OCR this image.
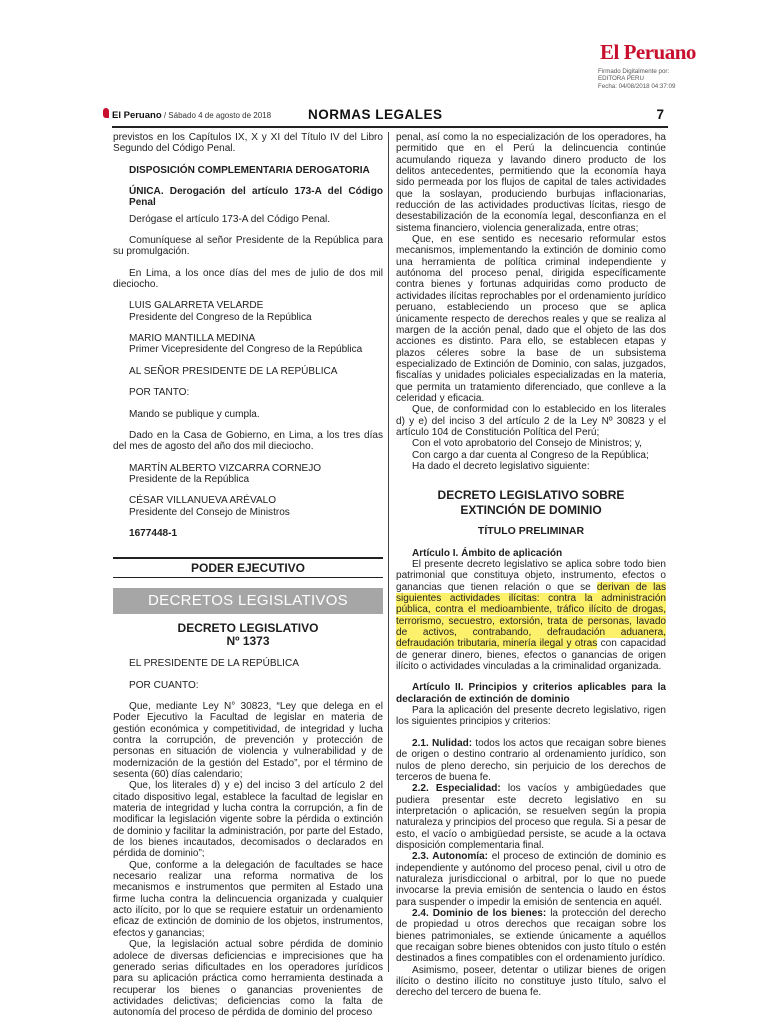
El Peruano
Firmado Digitalmente por:
EDITORA PERU
Fecha: 04/08/2018 04:37:09
El Peruano / Sábado 4 de agosto de 2018	NORMAS LEGALES	7

previstos en los Capítulos IX, X y XI del Título IV del Libro Segundo del Código Penal.

DISPOSICIÓN COMPLEMENTARIA DEROGATORIA

ÚNICA. Derogación del artículo 173-A del Código Penal

Derógase el artículo 173-A del Código Penal.

Comuníquese al señor Presidente de la República para su promulgación.

En Lima, a los once días del mes de julio de dos mil dieciocho.

LUIS GALARRETA VELARDE

Presidente del Congreso de la República

MARIO MANTILLA MEDINA

Primer Vicepresidente del Congreso de la República

AL SEÑOR PRESIDENTE DE LA REPÚBLICA

POR TANTO:

Mando se publique y cumpla.

Dado en la Casa de Gobierno, en Lima, a los tres días del mes de agosto del año dos mil dieciocho.

MARTÍN ALBERTO VIZCARRA CORNEJO

Presidente de la República

CÉSAR VILLANUEVA ARÉVALO

Presidente del Consejo de Ministros

1677448-1

PODER EJECUTIVO
DECRETOS LEGISLATIVOS

DECRETO LEGISLATIVO

Nº 1373

EL PRESIDENTE DE LA REPÚBLICA

POR CUANTO:

Que, mediante Ley N° 30823, “Ley que delega en el Poder Ejecutivo la Facultad de legislar en materia de gestión económica y competitividad, de integridad y lucha contra la corrupción, de prevención y protección de personas en situación de violencia y vulnerabilidad y de modernización de la gestión del Estado”, por el término de sesenta (60) días calendario;

Que, los literales d) y e) del inciso 3 del artículo 2 del citado dispositivo legal, establece la facultad de legislar en materia de integridad y lucha contra la corrupción, a fin de modificar la legislación vigente sobre la pérdida o extinción de dominio y facilitar la administración, por parte del Estado, de los bienes incautados, decomisados o declarados en pérdida de dominio”;

Que, conforme a la delegación de facultades se hace necesario realizar una reforma normativa de los mecanismos e instrumentos que permiten al Estado una firme lucha contra la delincuencia organizada y cualquier acto ilícito, por lo que se requiere estatuir un ordenamiento eficaz de extinción de dominio de los objetos, instrumentos, efectos y ganancias;

Que, la legislación actual sobre pérdida de dominio adolece de diversas deficiencias e imprecisiones que ha generado serias dificultades en los operadores jurídicos para su aplicación práctica como herramienta destinada a recuperar los bienes o ganancias provenientes de actividades delictivas; deficiencias como la falta de autonomía del proceso de pérdida de dominio del proceso

penal, así como la no especialización de los operadores, ha permitido que en el Perú la delincuencia continúe acumulando riqueza y lavando dinero producto de los delitos antecedentes, permitiendo que la economía haya sido permeada por los flujos de capital de tales actividades que la soslayan, produciendo burbujas inflacionarias, reducción de las actividades productivas lícitas, riesgo de desestabilización de la economía legal, desconfianza en el sistema financiero, violencia generalizada, entre otras;

Que, en ese sentido es necesario reformular estos mecanismos, implementando la extinción de dominio como una herramienta de política criminal independiente y autónoma del proceso penal, dirigida específicamente contra bienes y fortunas adquiridas como producto de actividades ilícitas reprochables por el ordenamiento jurídico peruano, estableciendo un proceso que se aplica únicamente respecto de derechos reales y que se realiza al margen de la acción penal, dado que el objeto de las dos acciones es distinto. Para ello, se establecen etapas y plazos céleres sobre la base de un subsistema especializado de Extinción de Dominio, con salas, juzgados, fiscalías y unidades policiales especializadas en la materia, que permita un tratamiento diferenciado, que conlleve a la celeridad y eficacia.

Que, de conformidad con lo establecido en los literales d) y e) del inciso 3 del artículo 2 de la Ley Nº 30823 y el artículo 104 de Constitución Política del Perú;

Con el voto aprobatorio del Consejo de Ministros; y,

Con cargo a dar cuenta al Congreso de la República;

Ha dado el decreto legislativo siguiente:

DECRETO LEGISLATIVO SOBRE

EXTINCIÓN DE DOMINIO

TÍTULO PRELIMINAR

Artículo I. Ámbito de aplicación

El presente decreto legislativo se aplica sobre todo bien patrimonial que constituya objeto, instrumento, efectos o ganancias que tienen relación o que se derivan de las siguientes actividades ilícitas: contra la administración pública, contra el medioambiente, tráfico ilícito de drogas, terrorismo, secuestro, extorsión, trata de personas, lavado de activos, contrabando, defraudación aduanera, defraudación tributaria, minería ilegal y otras con capacidad de generar dinero, bienes, efectos o ganancias de origen ilícito o actividades vinculadas a la criminalidad organizada.

Artículo II. Principios y criterios aplicables para la declaración de extinción de dominio

Para la aplicación del presente decreto legislativo, rigen los siguientes principios y criterios:

2.1. Nulidad: todos los actos que recaigan sobre bienes de origen o destino contrario al ordenamiento jurídico, son nulos de pleno derecho, sin perjuicio de los derechos de terceros de buena fe.

2.2. Especialidad: los vacíos y ambigüedades que pudiera presentar este decreto legislativo en su interpretación o aplicación, se resuelven según la propia naturaleza y principios del proceso que regula. Si a pesar de esto, el vacío o ambigüedad persiste, se acude a la octava disposición complementaria final.

2.3. Autonomía: el proceso de extinción de dominio es independiente y autónomo del proceso penal, civil u otro de naturaleza jurisdiccional o arbitral, por lo que no puede invocarse la previa emisión de sentencia o laudo en éstos para suspender o impedir la emisión de sentencia en aquél.

2.4. Dominio de los bienes: la protección del derecho de propiedad u otros derechos que recaigan sobre los bienes patrimoniales, se extiende únicamente a aquéllos que recaigan sobre bienes obtenidos con justo título o estén destinados a fines compatibles con el ordenamiento jurídico.

Asimismo, poseer, detentar o utilizar bienes de origen ilícito o destino ilícito no constituye justo título, salvo el derecho del tercero de buena fe.
